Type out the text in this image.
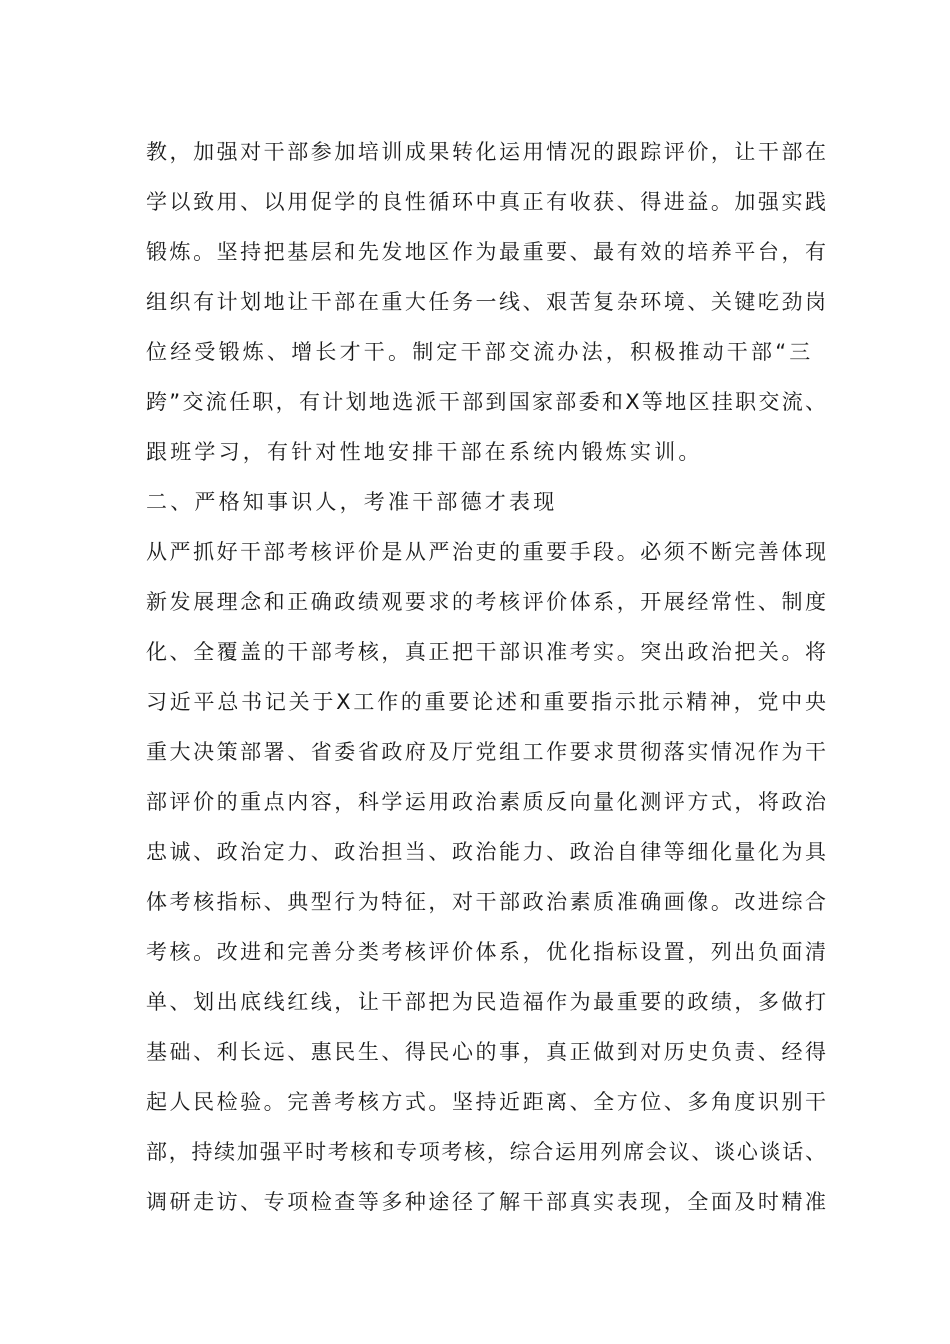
教，加强对干部参加培训成果转化运用情况的跟踪评价，让干部在
学以致用、以用促学的良性循环中真正有收获、得进益。加强实践
锻炼。坚持把基层和先发地区作为最重要、最有效的培养平台，有
组织有计划地让干部在重大任务一线、艰苦复杂环境、关键吃劲岗
位经受锻炼、增长才干。制定干部交流办法，积极推动干部“三
跨”交流任职，有计划地选派干部到国家部委和X等地区挂职交流、
跟班学习，有针对性地安排干部在系统内锻炼实训。
二、严格知事识人，考准干部德才表现
从严抓好干部考核评价是从严治吏的重要手段。必须不断完善体现
新发展理念和正确政绩观要求的考核评价体系，开展经常性、制度
化、全覆盖的干部考核，真正把干部识准考实。突出政治把关。将
习近平总书记关于X工作的重要论述和重要指示批示精神，党中央
重大决策部署、省委省政府及厅党组工作要求贯彻落实情况作为干
部评价的重点内容，科学运用政治素质反向量化测评方式，将政治
忠诚、政治定力、政治担当、政治能力、政治自律等细化量化为具
体考核指标、典型行为特征，对干部政治素质准确画像。改进综合
考核。改进和完善分类考核评价体系，优化指标设置，列出负面清
单、划出底线红线，让干部把为民造福作为最重要的政绩，多做打
基础、利长远、惠民生、得民心的事，真正做到对历史负责、经得
起人民检验。完善考核方式。坚持近距离、全方位、多角度识别干
部，持续加强平时考核和专项考核，综合运用列席会议、谈心谈话、
调研走访、专项检查等多种途径了解干部真实表现，全面及时精准
